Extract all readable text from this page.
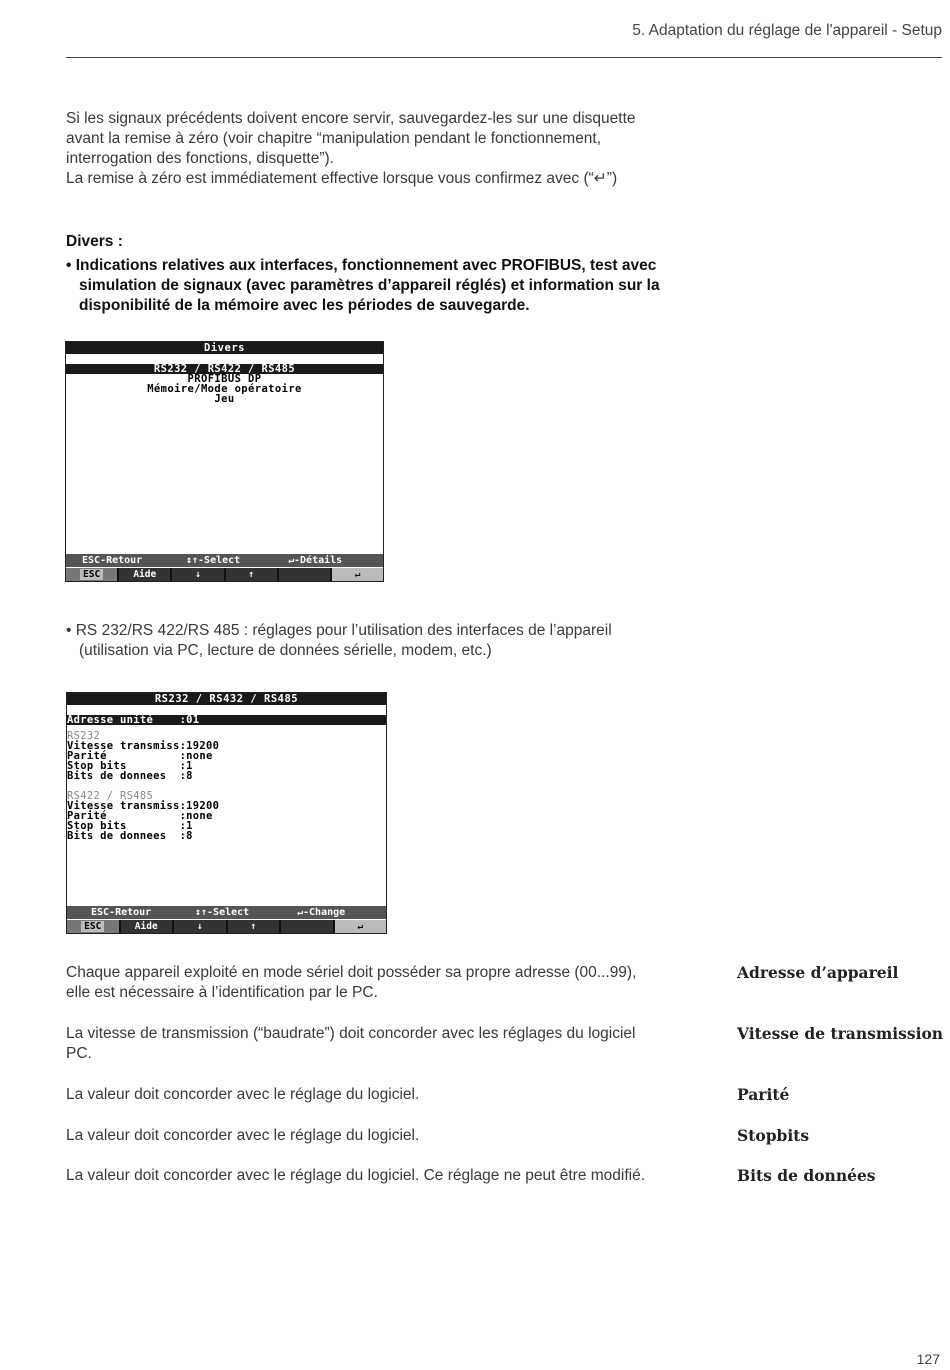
5. Adaptation du réglage de l'appareil - Setup
Si les signaux précédents doivent encore servir, sauvegardez-les sur une disquette
avant la remise à zéro (voir chapitre “manipulation pendant le fonctionnement,
interrogation des fonctions, disquette”).
La remise à zéro est immédiatement effective lorsque vous confirmez avec (“↵”)
Divers :
• Indications relatives aux interfaces, fonctionnement avec PROFIBUS, test avec
simulation de signaux (avec paramètres d’appareil réglés) et information sur la
disponibilité de la mémoire avec les périodes de sauvegarde.
Divers
RS232 / RS422 / RS485
PROFIBUS DP
Mémoire/Mode opératoire
Jeu
ESC-Retour	↕↑-Select	↵-Détails
ESC	Aide	↓	↑	↵
• RS 232/RS 422/RS 485 : réglages pour l’utilisation des interfaces de l’appareil
(utilisation via PC, lecture de données sérielle, modem, etc.)
RS232 / RS432 / RS485
Adresse unité    :01
RS232
Vitesse transmiss:19200
Parité           :none
Stop bits        :1
Bits de donnees  :8
RS422 / RS485
Vitesse transmiss:19200
Parité           :none
Stop bits        :1
Bits de donnees  :8
ESC-Retour	↕↑-Select	↵-Change
ESC	Aide	↓	↑	↵
Chaque appareil exploité en mode sériel doit posséder sa propre adresse (00...99),
elle est nécessaire à l’identification par le PC.
Adresse d’appareil
La vitesse de transmission (“baudrate”) doit concorder avec les réglages du logiciel
PC.
Vitesse de transmission
La valeur doit concorder avec le réglage du logiciel.	Parité
La valeur doit concorder avec le réglage du logiciel.	Stopbits
La valeur doit concorder avec le réglage du logiciel. Ce réglage ne peut être modifié.	Bits de données
127
